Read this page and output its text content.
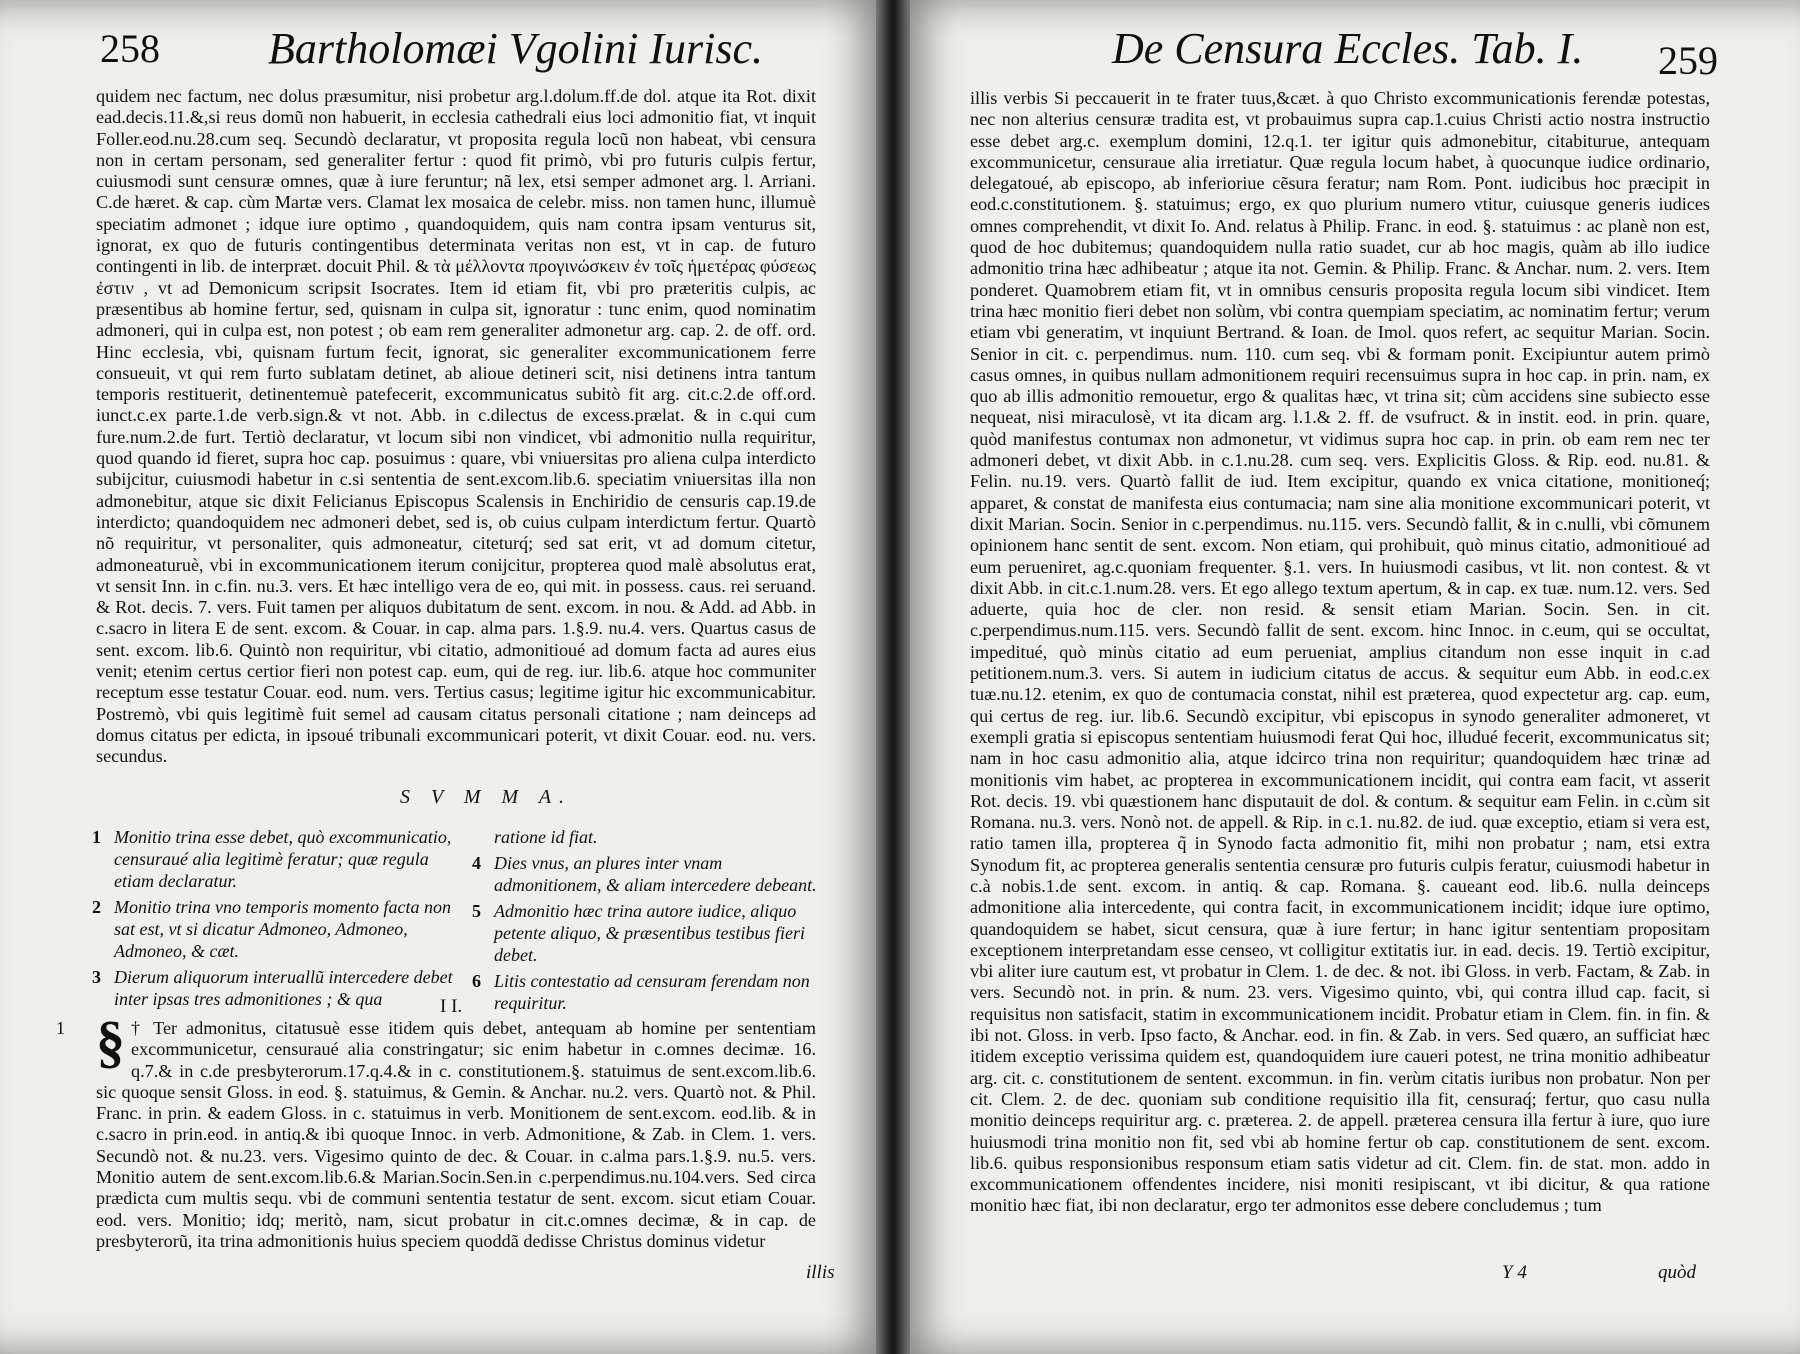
258 Bartholomæi Vgolini Iurisc.

quidem nec factum, nec dolus præsumitur, nisi probetur arg.l.dolum.ff.de dol. atque ita Rot. dixit ead.decis.11.&,si reus domũ non habuerit, in ecclesia cathedrali eius loci admonitio fiat, vt inquit Foller.eod.nu.28.cum seq. Secundò declaratur, vt proposita regula locũ non habeat, vbi censura non in certam personam, sed generaliter fertur : quod fit primò, vbi pro futuris culpis fertur, cuiusmodi sunt censuræ omnes, quæ à iure feruntur; nã lex, etsi semper admonet arg. l. Arriani. C.de hæret. & cap. cùm Martæ vers. Clamat lex mosaica de celebr. miss. non tamen hunc, illumuè speciatim admonet ; idque iure optimo , quandoquidem, quis nam contra ipsam venturus sit, ignorat, ex quo de futuris contingentibus determinata veritas non est, vt in cap. de futuro contingenti in lib. de interpræt. docuit Phil. & τὰ μέλλοντα προγινώσκειν ἐν τοῖς ἡμετέρας φύσεως ἐστιν , vt ad Demonicum scripsit Isocrates. Item id etiam fit, vbi pro præteritis culpis, ac præsentibus ab homine fertur, sed, quisnam in culpa sit, ignoratur : tunc enim, quod nominatim admoneri, qui in culpa est, non potest ; ob eam rem generaliter admonetur arg. cap. 2. de off. ord. Hinc ecclesia, vbi, quisnam furtum fecit, ignorat, sic generaliter excommunicationem ferre consueuit, vt qui rem furto sublatam detinet, ab alioue detineri scit, nisi detinens intra tantum temporis restituerit, detinentemuè patefecerit, excommunicatus subitò fit arg. cit.c.2.de off.ord. iunct.c.ex parte.1.de verb.sign.& vt not. Abb. in c.dilectus de excess.prælat. & in c.qui cum fure.num.2.de furt. Tertiò declaratur, vt locum sibi non vindicet, vbi admonitio nulla requiritur, quod quando id fieret, supra hoc cap. posuimus : quare, vbi vniuersitas pro aliena culpa interdicto subijcitur, cuiusmodi habetur in c.si sententia de sent.excom.lib.6. speciatim vniuersitas illa non admonebitur, atque sic dixit Felicianus Episcopus Scalensis in Enchiridio de censuris cap.19.de interdicto; quandoquidem nec admoneri debet, sed is, ob cuius culpam interdictum fertur. Quartò nõ requiritur, vt personaliter, quis admoneatur, citeturq́; sed sat erit, vt ad domum citetur, admoneaturuè, vbi in excommunicationem iterum conijcitur, propterea quod malè absolutus erat, vt sensit Inn. in c.fin. nu.3. vers. Et hæc intelligo vera de eo, qui mit. in possess. caus. rei seruand. & Rot. decis. 7. vers. Fuit tamen per aliquos dubitatum de sent. excom. in nou. & Add. ad Abb. in c.sacro in litera E de sent. excom. & Couar. in cap. alma pars. 1.§.9. nu.4. vers. Quartus casus de sent. excom. lib.6. Quintò non requiritur, vbi citatio, admonitioué ad domum facta ad aures eius venit; etenim certus certior fieri non potest cap. eum, qui de reg. iur. lib.6. atque hoc communiter receptum esse testatur Couar. eod. num. vers. Tertius casus; legitime igitur hic excommunicabitur. Postremò, vbi quis legitimè fuit semel ad causam citatus personali citatione ; nam deinceps ad domus citatus per edicta, in ipsoué tribunali excommunicari poterit, vt dixit Couar. eod. nu. vers. secundus.

S V M M A.
1 Monitio trina esse debet, quò excommunicatio, censuraué alia legitimè feratur; quæ regula etiam declaratur.
2 Monitio trina vno temporis momento facta non sat est, vt si dicatur Admoneo, Admoneo, Admoneo, & cæt.
3 Dierum aliquorum interuallũ intercedere debet inter ipsas tres admonitiones ; & qua
ratione id fiat.
4 Dies vnus, an plures inter vnam admonitionem, & aliam intercedere debeant.
5 Admonitio hæc trina autore iudice, aliquo petente aliquo, & præsentibus testibus fieri debet.
6 Litis contestatio ad censuram ferendam non requiritur.
I I.
1 § † Ter admonitus, citatusuè esse itidem quis debet, antequam ab homine per sententiam excommunicetur, censuraué alia constringatur; sic enim habetur in c.omnes decimæ. 16. q.7.& in c.de presbyterorum.17.q.4.& in c. constitutionem.§. statuimus de sent.excom.lib.6. sic quoque sensit Gloss. in eod. §. statuimus, & Gemin. & Anchar. nu.2. vers. Quartò not. & Phil. Franc. in prin. & eadem Gloss. in c. statuimus in verb. Monitionem de sent.excom. eod.lib. & in c.sacro in prin.eod. in antiq.& ibi quoque Innoc. in verb. Admonitione, & Zab. in Clem. 1. vers. Secundò not. & nu.23. vers. Vigesimo quinto de dec. & Couar. in c.alma pars.1.§.9. nu.5. vers. Monitio autem de sent.excom.lib.6.& Marian.Socin.Sen.in c.perpendimus.nu.104.vers. Sed circa prædicta cum multis sequ. vbi de communi sententia testatur de sent. excom. sicut etiam Couar. eod. vers. Monitio; idq; meritò, nam, sicut probatur in cit.c.omnes decimæ, & in cap. de presbyterorũ, ita trina admonitionis huius speciem quoddã dedisse Christus dominus videtur
illis
De Censura Eccles. Tab. I. 259

illis verbis Si peccauerit in te frater tuus,&cæt. à quo Christo excommunicationis ferendæ potestas, nec non alterius censuræ tradita est, vt probauimus supra cap.1.cuius Christi actio nostra instructio esse debet arg.c. exemplum domini, 12.q.1. ter igitur quis admonebitur, citabiturue, antequam excommunicetur, censuraue alia irretiatur. Quæ regula locum habet, à quocunque iudice ordinario, delegatoué, ab episcopo, ab inferioriue cẽsura feratur; nam Rom. Pont. iudicibus hoc præcipit in eod.c.constitutionem. §. statuimus; ergo, ex quo plurium numero vtitur, cuiusque generis iudices omnes comprehendit, vt dixit Io. And. relatus à Philip. Franc. in eod. §. statuimus : ac planè non est, quod de hoc dubitemus; quandoquidem nulla ratio suadet, cur ab hoc magis, quàm ab illo iudice admonitio trina hæc adhibeatur ; atque ita not. Gemin. & Philip. Franc. & Anchar. num. 2. vers. Item ponderet. Quamobrem etiam fit, vt in omnibus censuris proposita regula locum sibi vindicet. Item trina hæc monitio fieri debet non solùm, vbi contra quempiam speciatim, ac nominatim fertur; verum etiam vbi generatim, vt inquiunt Bertrand. & Ioan. de Imol. quos refert, ac sequitur Marian. Socin. Senior in cit. c. perpendimus. num. 110. cum seq. vbi & formam ponit. Excipiuntur autem primò casus omnes, in quibus nullam admonitionem requiri recensuimus supra in hoc cap. in prin. nam, ex quo ab illis admonitio remouetur, ergo & qualitas hæc, vt trina sit; cùm accidens sine subiecto esse nequeat, nisi miraculosè, vt ita dicam arg. l.1.& 2. ff. de vsufruct. & in instit. eod. in prin. quare, quòd manifestus contumax non admonetur, vt vidimus supra hoc cap. in prin. ob eam rem nec ter admoneri debet, vt dixit Abb. in c.1.nu.28. cum seq. vers. Explicitis Gloss. & Rip. eod. nu.81. & Felin. nu.19. vers. Quartò fallit de iud. Item excipitur, quando ex vnica citatione, monitioneq́; apparet, & constat de manifesta eius contumacia; nam sine alia monitione excommunicari poterit, vt dixit Marian. Socin. Senior in c.perpendimus. nu.115. vers. Secundò fallit, & in c.nulli, vbi cõmunem opinionem hanc sentit de sent. excom. Non etiam, qui prohibuit, quò minus citatio, admonitioué ad eum perueniret, ag.c.quoniam frequenter. §.1. vers. In huiusmodi casibus, vt lit. non contest. & vt dixit Abb. in cit.c.1.num.28. vers. Et ego allego textum apertum, & in cap. ex tuæ. num.12. vers. Sed aduerte, quia hoc de cler. non resid. & sensit etiam Marian. Socin. Sen. in cit. c.perpendimus.num.115. vers. Secundò fallit de sent. excom. hinc Innoc. in c.eum, qui se occultat, impeditué, quò minùs citatio ad eum perueniat, amplius citandum non esse inquit in c.ad petitionem.num.3. vers. Si autem in iudicium citatus de accus. & sequitur eum Abb. in eod.c.ex tuæ.nu.12. etenim, ex quo de contumacia constat, nihil est præterea, quod expectetur arg. cap. eum, qui certus de reg. iur. lib.6. Secundò excipitur, vbi episcopus in synodo generaliter admoneret, vt exempli gratia si episcopus sententiam huiusmodi ferat Qui hoc, illudué fecerit, excommunicatus sit; nam in hoc casu admonitio alia, atque idcirco trina non requiritur; quandoquidem hæc trinæ ad monitionis vim habet, ac propterea in excommunicationem incidit, qui contra eam facit, vt asserit Rot. decis. 19. vbi quæstionem hanc disputauit de dol. & contum. & sequitur eam Felin. in c.cùm sit Romana. nu.3. vers. Nonò not. de appell. & Rip. in c.1. nu.82. de iud. quæ exceptio, etiam si vera est, ratio tamen illa, propterea q̃ in Synodo facta admonitio fit, mihi non probatur ; nam, etsi extra Synodum fit, ac propterea generalis sententia censuræ pro futuris culpis feratur, cuiusmodi habetur in c.à nobis.1.de sent. excom. in antiq. & cap. Romana. §. caueant eod. lib.6. nulla deinceps admonitione alia intercedente, qui contra facit, in excommunicationem incidit; idque iure optimo, quandoquidem se habet, sicut censura, quæ à iure fertur; in hanc igitur sententiam propositam exceptionem interpretandam esse censeo, vt colligitur extitatis iur. in ead. decis. 19. Tertiò excipitur, vbi aliter iure cautum est, vt probatur in Clem. 1. de dec. & not. ibi Gloss. in verb. Factam, & Zab. in vers. Secundò not. in prin. & num. 23. vers. Vigesimo quinto, vbi, qui contra illud cap. facit, si requisitus non satisfacit, statim in excommunicationem incidit. Probatur etiam in Clem. fin. in fin. & ibi not. Gloss. in verb. Ipso facto, & Anchar. eod. in fin. & Zab. in vers. Sed quæro, an sufficiat hæc itidem exceptio verissima quidem est, quandoquidem iure caueri potest, ne trina monitio adhibeatur arg. cit. c. constitutionem de sentent. excommun. in fin. verùm citatis iuribus non probatur. Non per cit. Clem. 2. de dec. quoniam sub conditione requisitio illa fit, censuraq́; fertur, quo casu nulla monitio deinceps requiritur arg. c. præterea. 2. de appell. præterea censura illa fertur à iure, quo iure huiusmodi trina monitio non fit, sed vbi ab homine fertur ob cap. constitutionem de sent. excom. lib.6. quibus responsionibus responsum etiam satis videtur ad cit. Clem. fin. de stat. mon. addo in excommunicationem offendentes incidere, nisi moniti resipiscant, vt ibi dicitur, & qua ratione monitio hæc fiat, ibi non declaratur, ergo ter admonitos esse debere concludemus ; tum

Y 4	quòd
